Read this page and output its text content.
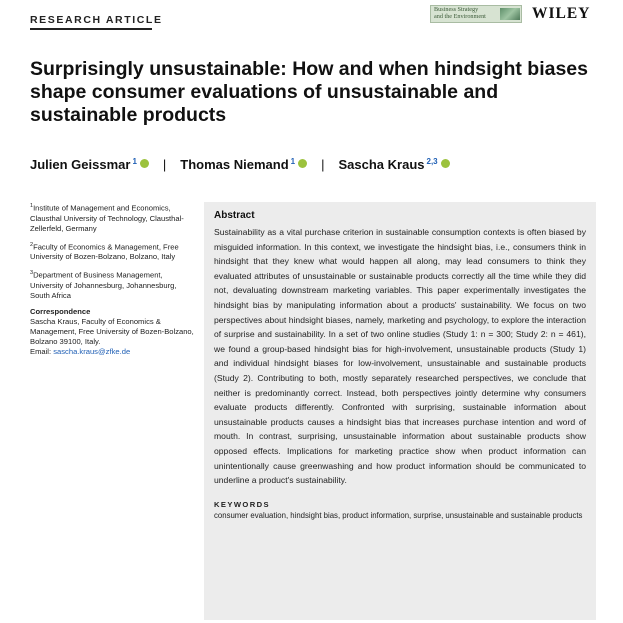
RESEARCH ARTICLE
Business Strategy
and the Environment	WILEY
Surprisingly unsustainable: How and when hindsight biases shape consumer evaluations of unsustainable and sustainable products
Julien Geissmar $^1$ | Thomas Niemand $^1$ | Sascha Kraus $^{2,3}$
$^1$Institute of Management and Economics, Clausthal University of Technology, Clausthal-Zellerfeld, Germany
$^2$Faculty of Economics & Management, Free University of Bozen-Bolzano, Bolzano, Italy
$^3$Department of Business Management, University of Johannesburg, Johannesburg, South Africa
Correspondence
Sascha Kraus, Faculty of Economics & Management, Free University of Bozen-Bolzano, Bolzano 39100, Italy.
Email: sascha.kraus@zfke.de
Abstract

Sustainability as a vital purchase criterion in sustainable consumption contexts is often biased by misguided information. In this context, we investigate the hindsight bias, i.e., consumers think in hindsight that they knew what would happen all along, may lead consumers to think they evaluated attributes of unsustainable or sustainable products correctly all the time while they did not, devaluating downstream marketing variables. This paper experimentally investigates the hindsight bias by manipulating information about a products' sustainability. We focus on two perspectives about hindsight biases, namely, marketing and psychology, to explore the interaction of surprise and sustainability. In a set of two online studies (Study 1: n = 300; Study 2: n = 461), we found a group-based hindsight bias for high-involvement, unsustainable products (Study 1) and individual hindsight biases for low-involvement, unsustainable and sustainable products (Study 2). Contributing to both, mostly separately researched perspectives, we conclude that neither is predominantly correct. Instead, both perspectives jointly determine why consumers evaluate products differently. Confronted with surprising, sustainable information about unsustainable products causes a hindsight bias that increases purchase intention and word of mouth. In contrast, surprising, unsustainable information about sustainable products show opposed effects. Implications for marketing practice show when product information can unintentionally cause greenwashing and how product information should be communicated to underline a product's sustainability.

KEYWORDS
consumer evaluation, hindsight bias, product information, surprise, unsustainable and sustainable products
